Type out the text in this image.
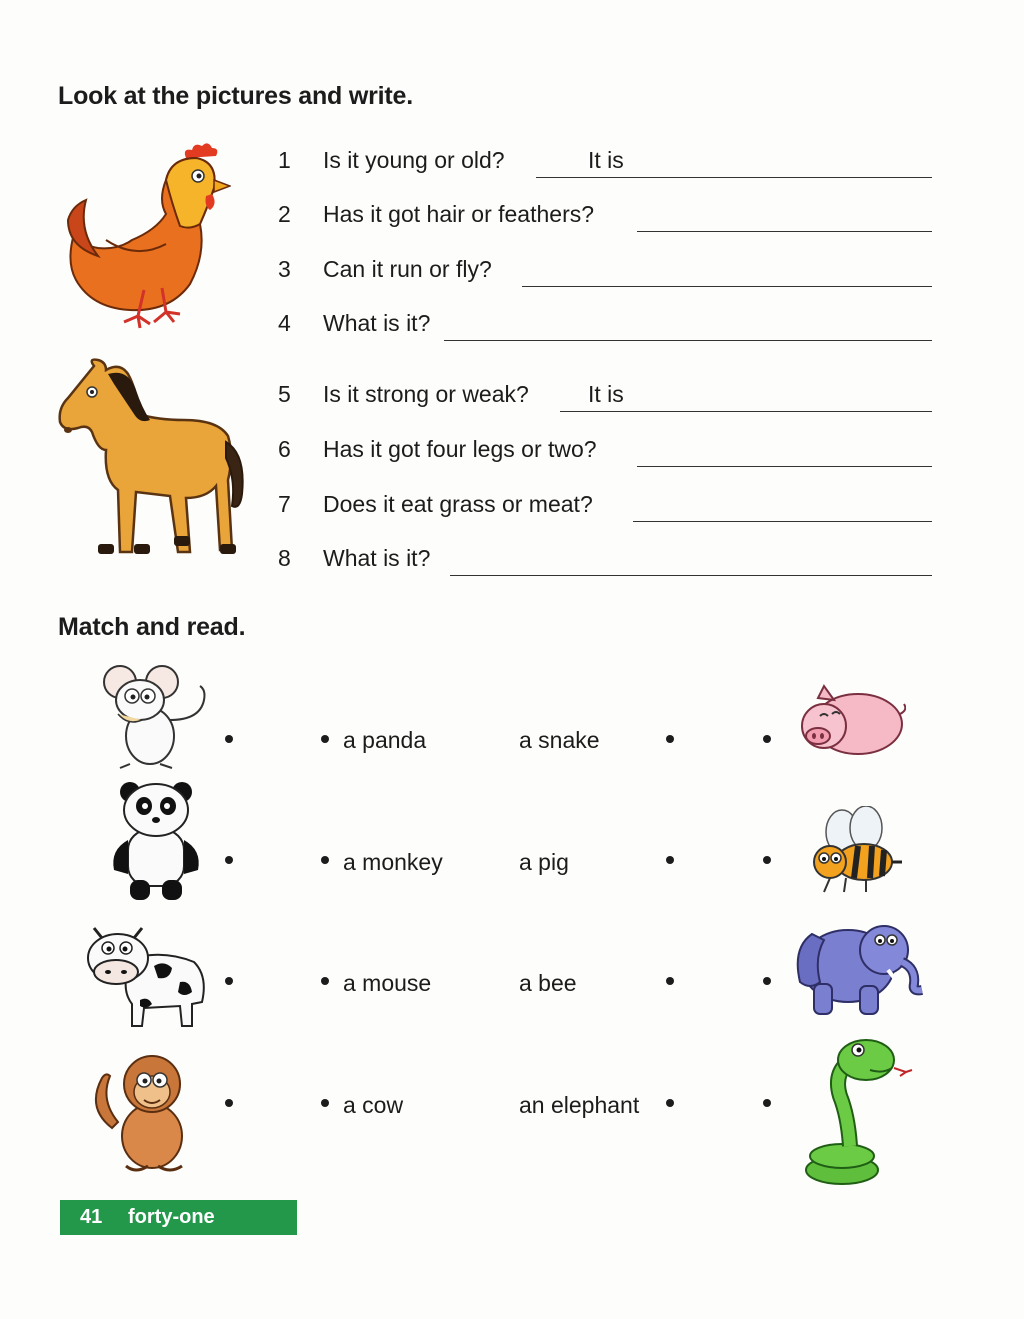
Look at the pictures and write.
1	Is it young or old?	It is
2	Has it got hair or feathers?
3	Can it run or fly?
4	What is it?
5	Is it strong or weak?	It is
6	Has it got four legs or two?
7	Does it eat grass or meat?
8	What is it?
Match and read.
a panda
a monkey
a mouse
a cow
a snake
a pig
a bee
an elephant
41 forty-one
